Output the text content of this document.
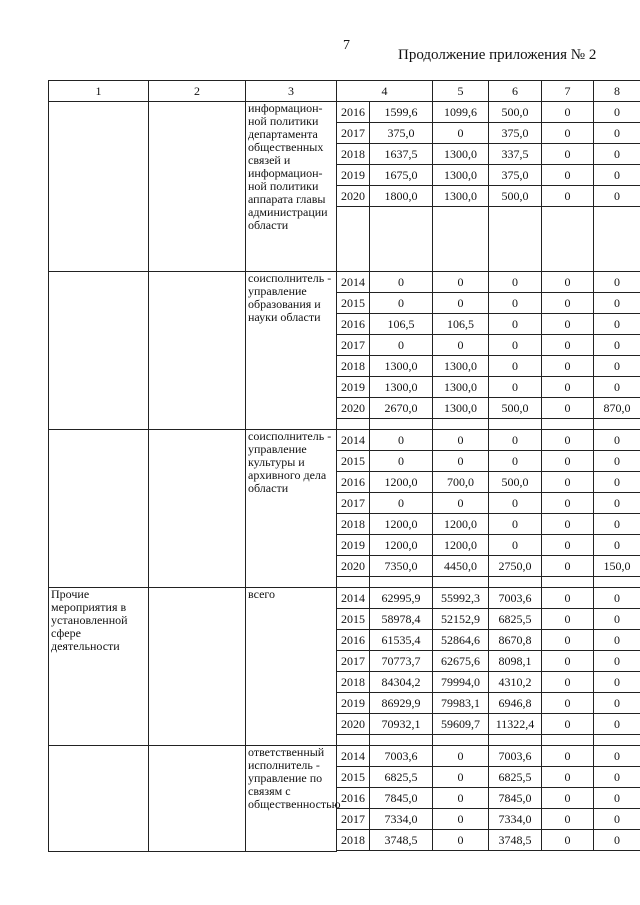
7
Продолжение приложения № 2
1	2	3	4		5	6	7	8
		информацион-ной политики департамента общественных связей и информацион-ной политики аппарата главы администрации области	2016	1599,6	1099,6	500,0	0	0
			2017	375,0	0	375,0	0	0
			2018	1637,5	1300,0	337,5	0	0
			2019	1675,0	1300,0	375,0	0	0
			2020	1800,0	1300,0	500,0	0	0

		соисполнитель - управление образования и науки области	2014	0	0	0	0	0
			2015	0	0	0	0	0
			2016	106,5	106,5	0	0	0
			2017	0	0	0	0	0
			2018	1300,0	1300,0	0	0	0
			2019	1300,0	1300,0	0	0	0
			2020	2670,0	1300,0	500,0	0	870,0

		соисполнитель - управление культуры и архивного дела области	2014	0	0	0	0	0
			2015	0	0	0	0	0
			2016	1200,0	700,0	500,0	0	0
			2017	0	0	0	0	0
			2018	1200,0	1200,0	0	0	0
			2019	1200,0	1200,0	0	0	0
			2020	7350,0	4450,0	2750,0	0	150,0

Прочие мероприятия в установленной сфере деятельности		всего	2014	62995,9	55992,3	7003,6	0	0
			2015	58978,4	52152,9	6825,5	0	0
			2016	61535,4	52864,6	8670,8	0	0
			2017	70773,7	62675,6	8098,1	0	0
			2018	84304,2	79994,0	4310,2	0	0
			2019	86929,9	79983,1	6946,8	0	0
			2020	70932,1	59609,7	11322,4	0	0

		ответственный исполнитель - управление по связям с общественностью	2014	7003,6	0	7003,6	0	0
			2015	6825,5	0	6825,5	0	0
			2016	7845,0	0	7845,0	0	0
			2017	7334,0	0	7334,0	0	0
			2018	3748,5	0	3748,5	0	0
